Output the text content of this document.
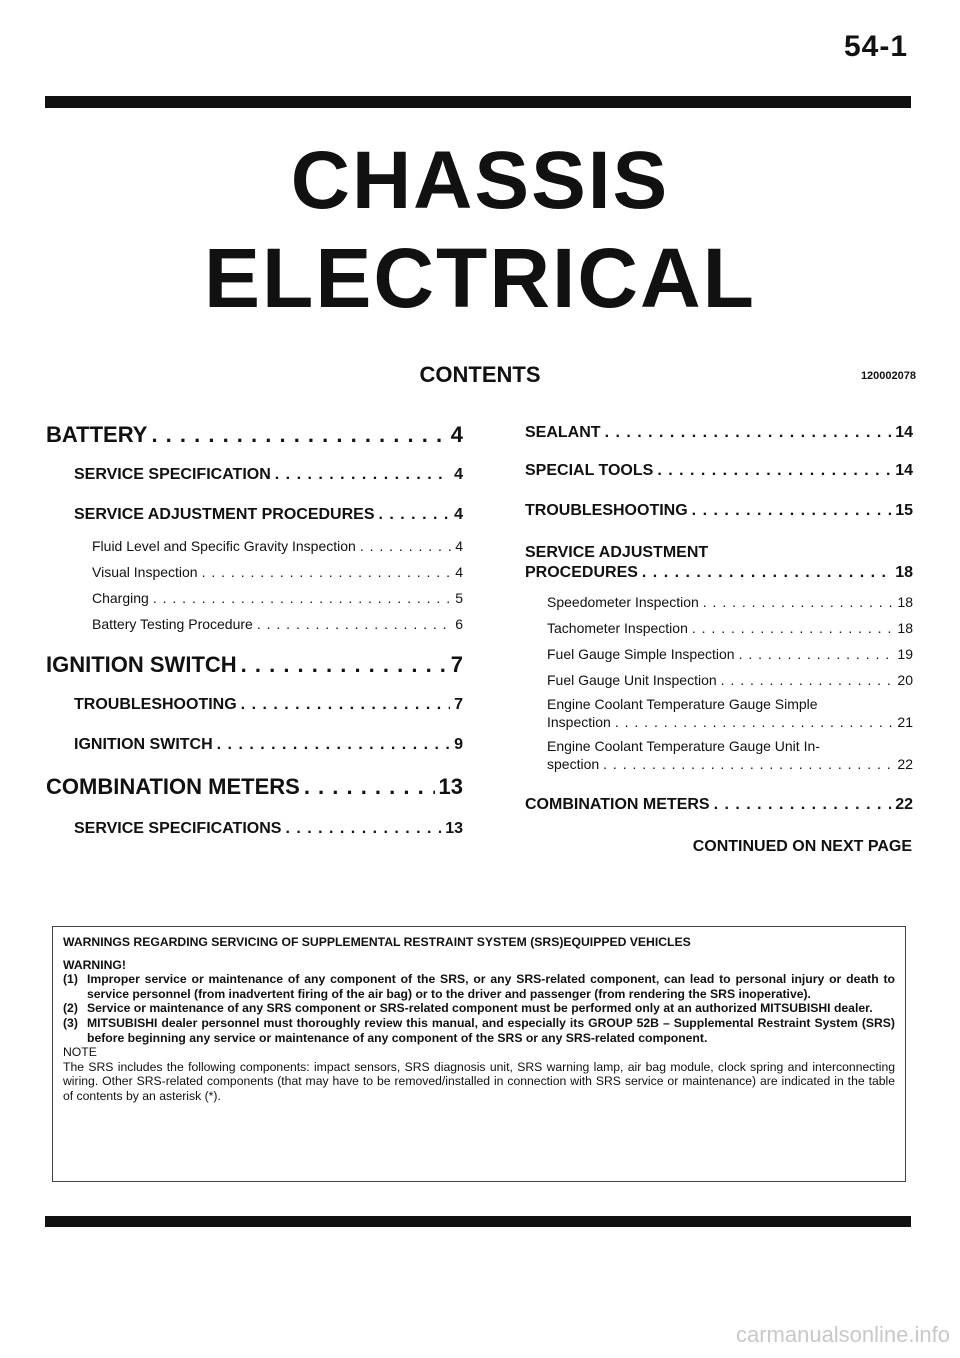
54-1
CHASSIS
ELECTRICAL
CONTENTS	120002078
BATTERY . . .	4
SERVICE SPECIFICATION . . .	4
SERVICE ADJUSTMENT PROCEDURES . . .	4
Fluid Level and Specific Gravity Inspection . . .	4
Visual Inspection . . .	4
Charging . . .	5
Battery Testing Procedure . . .	6
IGNITION SWITCH . . .	7
TROUBLESHOOTING . . .	7
IGNITION SWITCH . . .	9
COMBINATION METERS . . .	13
SERVICE SPECIFICATIONS . . .	13
SEALANT . . .	14
SPECIAL TOOLS . . .	14
TROUBLESHOOTING . . .	15
SERVICE ADJUSTMENT
PROCEDURES . . .	18
Speedometer Inspection . . .	18
Tachometer Inspection . . .	18
Fuel Gauge Simple Inspection . . .	19
Fuel Gauge Unit Inspection . . .	20
Engine Coolant Temperature Gauge Simple
Inspection . . .	21
Engine Coolant Temperature Gauge Unit In-
spection . . .	22
COMBINATION METERS . . .	22
CONTINUED ON NEXT PAGE
WARNINGS REGARDING SERVICING OF SUPPLEMENTAL RESTRAINT SYSTEM (SRS)EQUIPPED VEHICLES
WARNING!
(1) Improper service or maintenance of any component of the SRS, or any SRS-related component, can lead to personal injury or death to service personnel (from inadvertent firing of the air bag) or to the driver and passenger (from rendering the SRS inoperative).
(2) Service or maintenance of any SRS component or SRS-related component must be performed only at an authorized MITSUBISHI dealer.
(3) MITSUBISHI dealer personnel must thoroughly review this manual, and especially its GROUP 52B – Supplemental Restraint System (SRS) before beginning any service or maintenance of any component of the SRS or any SRS-related component.
NOTE
The SRS includes the following components: impact sensors, SRS diagnosis unit, SRS warning lamp, air bag module, clock spring and interconnecting wiring. Other SRS-related components (that may have to be removed/installed in connection with SRS service or maintenance) are indicated in the table of contents by an asterisk (*).
carmanualsonline.info
